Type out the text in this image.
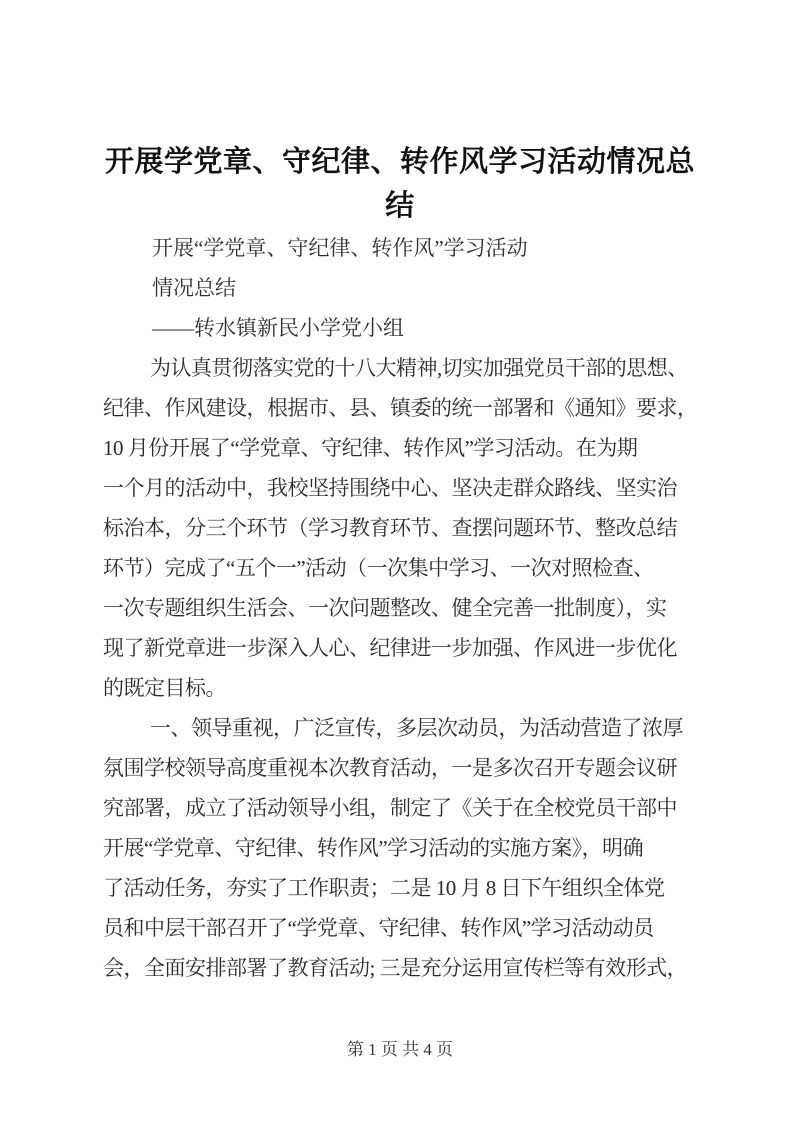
开展学党章、守纪律、转作风学习活动情况总结
开展“学党章、守纪律、转作风”学习活动
情况总结
——转水镇新民小学党小组
为认真贯彻落实党的十八大精神,切实加强党员干部的思想、
纪律、作风建设，根据市、县、镇委的统一部署和《通知》要求，
10 月份开展了“学党章、守纪律、转作风”学习活动。在为期
一个月的活动中，我校坚持围绕中心、坚决走群众路线、坚实治
标治本，分三个环节（学习教育环节、查摆问题环节、整改总结
环节）完成了“五个一”活动（一次集中学习、一次对照检查、
一次专题组织生活会、一次问题整改、健全完善一批制度），实
现了新党章进一步深入人心、纪律进一步加强、作风进一步优化
的既定目标。
一、领导重视，广泛宣传，多层次动员，为活动营造了浓厚
氛围学校领导高度重视本次教育活动，一是多次召开专题会议研
究部署，成立了活动领导小组，制定了《关于在全校党员干部中
开展“学党章、守纪律、转作风”学习活动的实施方案》，明确
了活动任务，夯实了工作职责；二是 10 月 8 日下午组织全体党
员和中层干部召开了“学党章、守纪律、转作风”学习活动动员
会，全面安排部署了教育活动; 三是充分运用宣传栏等有效形式，
第 1 页 共 4 页
